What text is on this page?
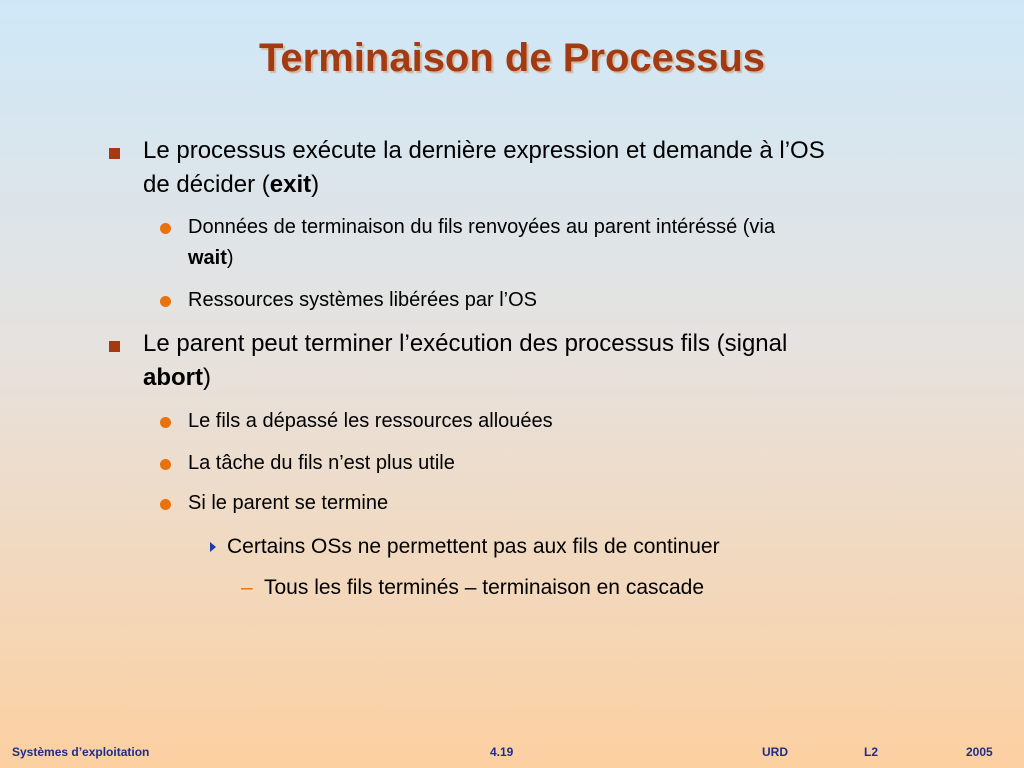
Terminaison de Processus
Le processus exécute la dernière expression et demande à l’OS
de décider (exit)
Données de terminaison du fils renvoyées au parent intéréssé (via
wait)
Ressources systèmes libérées par l’OS
Le parent peut terminer l’exécution des processus fils (signal
abort)
Le fils a dépassé les ressources allouées
La tâche du fils n’est plus utile
Si le parent se termine
Certains OSs ne permettent pas aux fils de continuer
– Tous les fils terminés – terminaison en cascade
Systèmes d’exploitation	4.19	URD	L2	2005
